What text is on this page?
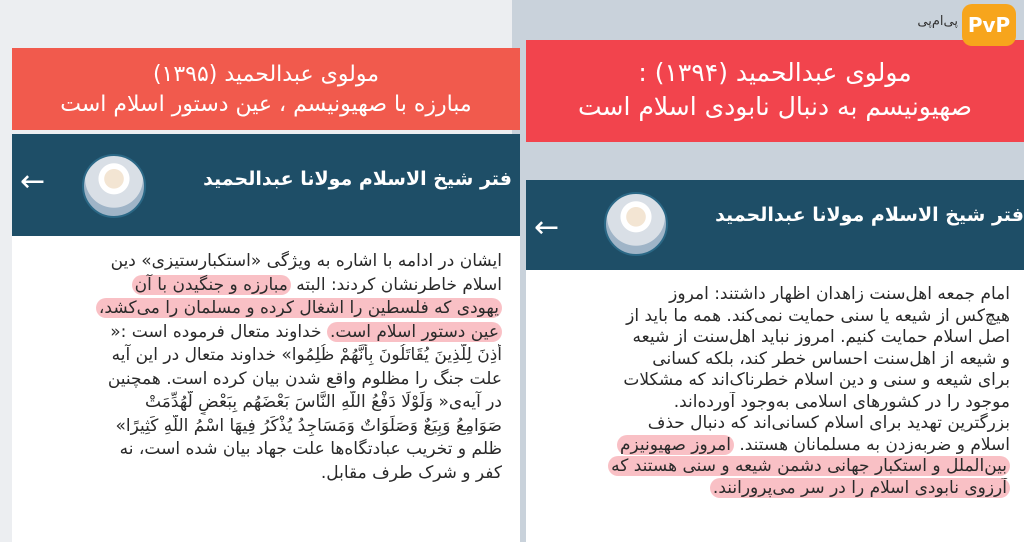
مولوی عبدالحمید (۱۳۹۵)
مبارزه با صهیونیسم ، عین دستور اسلام است
←	فتر شیخ الاسلام مولانا عبدالحمید
ایشان در ادامه با اشاره به ویژگی «استکبارستیزی» دین
اسلام خاطرنشان کردند: البته مبارزه و جنگیدن با آن
یهودی که فلسطین را اشغال کرده و مسلمان را می‌کشد،
عین دستور اسلام است. خداوند متعال فرموده است :«
أُذِنَ لِلَّذِينَ يُقَاتَلُونَ بِأَنَّهُمْ ظُلِمُوا» خداوند متعال در این آیه
علت جنگ را مظلوم واقع شدن بیان کرده است. همچنین
در آیه‌ی« وَلَوْلَا دَفْعُ اللَّهِ النَّاسَ بَعْضَهُم بِبَعْضٍ لَّهُدِّمَتْ
صَوَامِعُ وَبِيَعٌ وَصَلَوَاتٌ وَمَسَاجِدُ يُذْكَرُ فِيهَا اسْمُ اللَّهِ كَثِيرًا»
ظلم و تخریب عبادتگاه‌ها علت جهاد بیان شده است، نه
کفر و شرک طرف مقابل.
مولوی عبدالحمید (۱۳۹۴) :
صهیونیسم به دنبال نابودی اسلام است
←	فتر شیخ الاسلام مولانا عبدالحمید
امام جمعه اهل‌سنت زاهدان اظهار داشتند: امروز
هیچ‌کس از شیعه یا سنی حمایت نمی‌کند. همه ما باید از
اصل اسلام حمایت کنیم. امروز نباید اهل‌سنت از شیعه
و شیعه از اهل‌سنت احساس خطر کند، بلکه کسانی
برای شیعه و سنی و دین اسلام خطرناک‌اند که مشکلات
موجود را در کشورهای اسلامی به‌وجود آورده‌اند.
بزرگترین تهدید برای اسلام کسانی‌اند که دنبال حذف
اسلام و ضربه‌زدن به مسلمانان هستند. امروز صهیونیزم
بین‌الملل و استکبار جهانی دشمن شیعه و سنی هستند که
آرزوی نابودی اسلام را در سر می‌پرورانند.
پی‌ام‌پی PvP
